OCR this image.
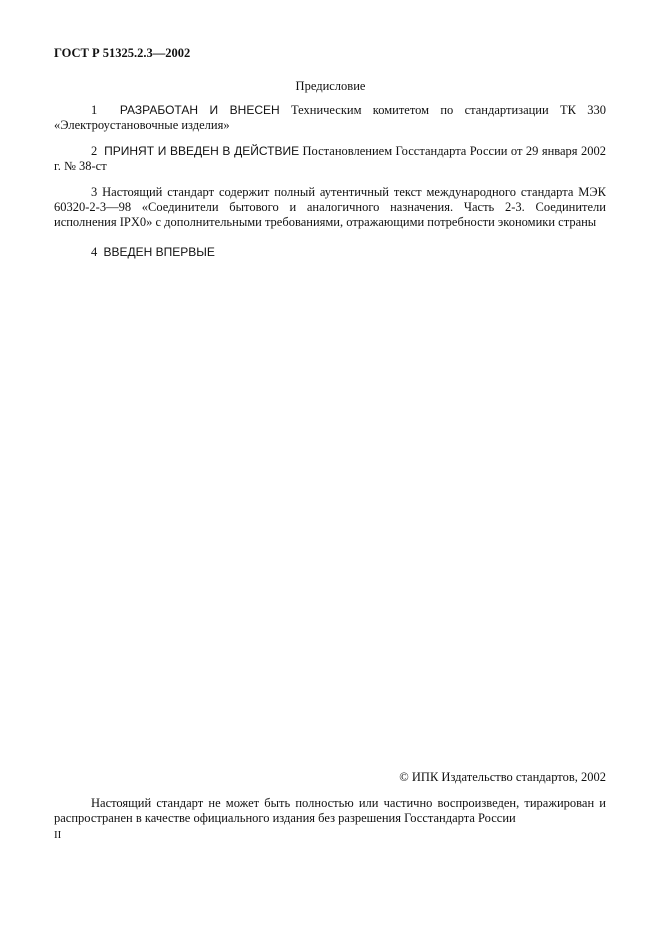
ГОСТ Р 51325.2.3—2002
Предисловие
1 РАЗРАБОТАН И ВНЕСЕН Техническим комитетом по стандартизации ТК 330 «Электроустановочные изделия»
2 ПРИНЯТ И ВВЕДЕН В ДЕЙСТВИЕ Постановлением Госстандарта России от 29 января 2002 г. № 38-ст
3 Настоящий стандарт содержит полный аутентичный текст международного стандарта МЭК 60320-2-3—98 «Соединители бытового и аналогичного назначения. Часть 2-3. Соединители исполнения IPX0» с дополнительными требованиями, отражающими потребности экономики страны
4 ВВЕДЕН ВПЕРВЫЕ
© ИПК Издательство стандартов, 2002
Настоящий стандарт не может быть полностью или частично воспроизведен, тиражирован и распространен в качестве официального издания без разрешения Госстандарта России
II
